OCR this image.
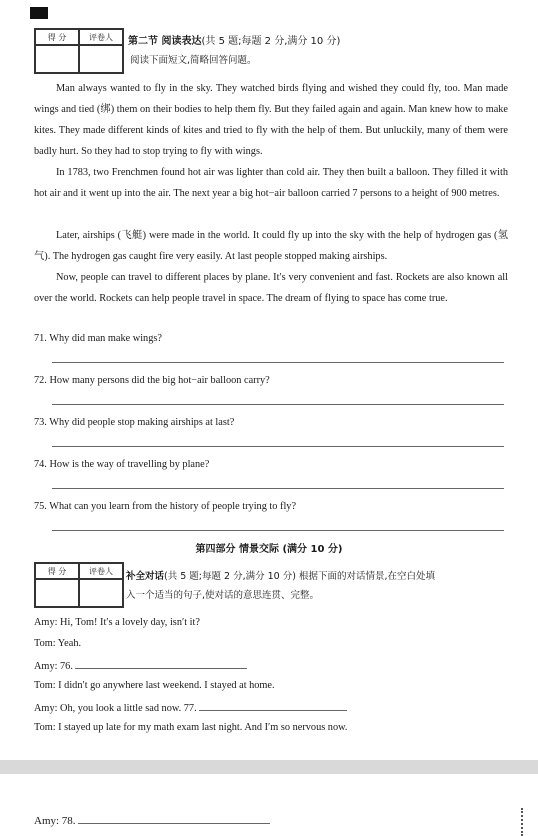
得 分	评卷人	第二节 阅读表达(共 5 题;每题 2 分,满分 10 分)
阅读下面短文,简略回答问题。

Man always wanted to fly in the sky. They watched birds flying and wished they could fly, too. Man made wings and tied (绑) them on their bodies to help them fly. But they failed again and again. Man knew how to make kites. They made different kinds of kites and tried to fly with the help of them. But unluckily, many of them were badly hurt. So they had to stop trying to fly with wings.

In 1783, two Frenchmen found hot air was lighter than cold air. They then built a balloon. They filled it with hot air and it went up into the air. The next year a big hot−air balloon carried 7 persons to a height of 900 metres.

Later, airships (飞艇) were made in the world. It could fly up into the sky with the help of hydrogen gas (氢气). The hydrogen gas caught fire very easily. At last people stopped making airships.

Now, people can travel to different places by plane. It′s very convenient and fast. Rockets are also known all over the world. Rockets can help people travel in space. The dream of flying to space has come true.

71. Why did man make wings?
72. How many persons did the big hot−air balloon carry?
73. Why did people stop making airships at last?
74. How is the way of travelling by plane?
75. What can you learn from the history of people trying to fly?
第四部分 情景交际 (满分 10 分)
得 分	评卷人	补全对话(共 5 题;每题 2 分,满分 10 分) 根据下面的对话情景,在空白处填
入一个适当的句子,使对话的意思连贯、完整。
Amy: Hi, Tom! It′s a lovely day, isn′t it?
Tom: Yeah.
Amy: 76.
Tom: I didn′t go anywhere last weekend. I stayed at home.
Amy: Oh, you look a little sad now. 77.
Tom: I stayed up late for my math exam last night. And I′m so nervous now.
Amy: 78.
